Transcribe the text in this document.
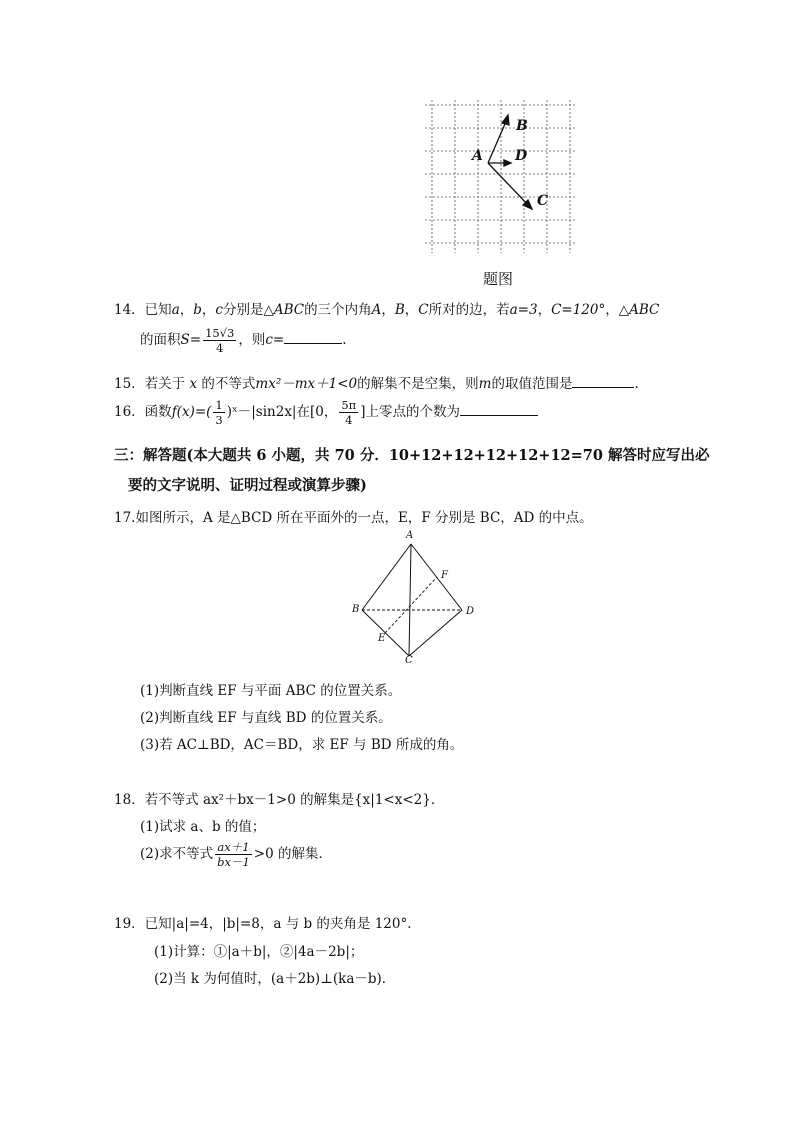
A
B
D
C
题图
14．已知a，b，c分别是△ABC的三个内角A，B，C所对的边，若a=3，C=120°，△ABC
的面积$S= \frac{15√3}{4}$ ，则c=	.
15．若关于 x 的不等式mx²－mx＋1<0的解集不是空集，则m的取值范围是	.
16．函数$f(x)=( \frac{1}{3}$ )ˣ－|sin2x|在[0， $\frac{5\pi}{4}$ ]上零点的个数为
三：解答题(本大题共 6 小题，共 70 分．10+12+12+12+12+12=70 解答时应写出必
要的文字说明、证明过程或演算步骤)
17.如图所示，A 是△BCD 所在平面外的一点，E，F 分别是 BC，AD 的中点。
A
B
C
D
E
F
(1)判断直线 EF 与平面 ABC 的位置关系。
(2)判断直线 EF 与直线 BD 的位置关系。
(3)若 AC⊥BD，AC＝BD，求 EF 与 BD 所成的角。
18．若不等式 ax²＋bx－1>0 的解集是{x|1<x<2}．
(1)试求 a、b 的值；
(2)求不等式 $\frac{ax+1}{bx-1} >0$ 的解集．
19．已知|a|=4，|b|=8，a 与 b 的夹角是 120°.
(1)计算：①|a＋b|，②|4a－2b|；
(2)当 k 为何值时，(a＋2b)⊥(ka－b)．
